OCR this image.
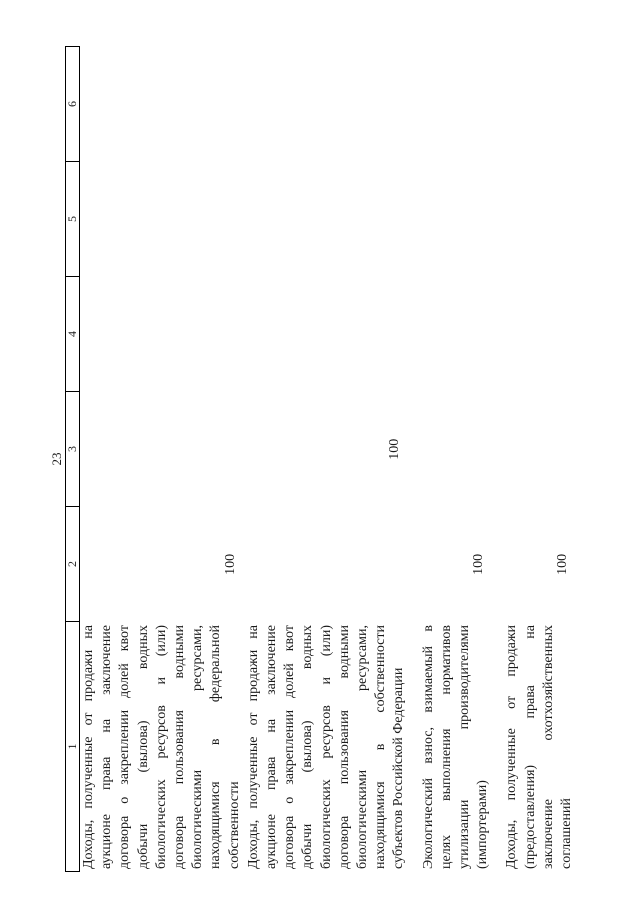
23
1
2
3
4
5
6
Доходы, полученные от продажи на аукционе права на заключение договора о закреплении долей квот добычи (вылова) водных биологических ресурсов и (или) договора пользования водными биологическими ресурсами, находящимися в федеральной собственности
100
Доходы, полученные от продажи на аукционе права на заключение договора о закреплении долей квот добычи (вылова) водных биологических ресурсов и (или) договора пользования водными биологическими ресурсами, находящимися в собственности субъектов Российской Федерации
100
Экологический взнос, взимаемый в целях выполнения нормативов утилизации производителями (импортерами)
100
Доходы, полученные от продажи (предоставления) права на заключение охотхозяйственных соглашений
100
